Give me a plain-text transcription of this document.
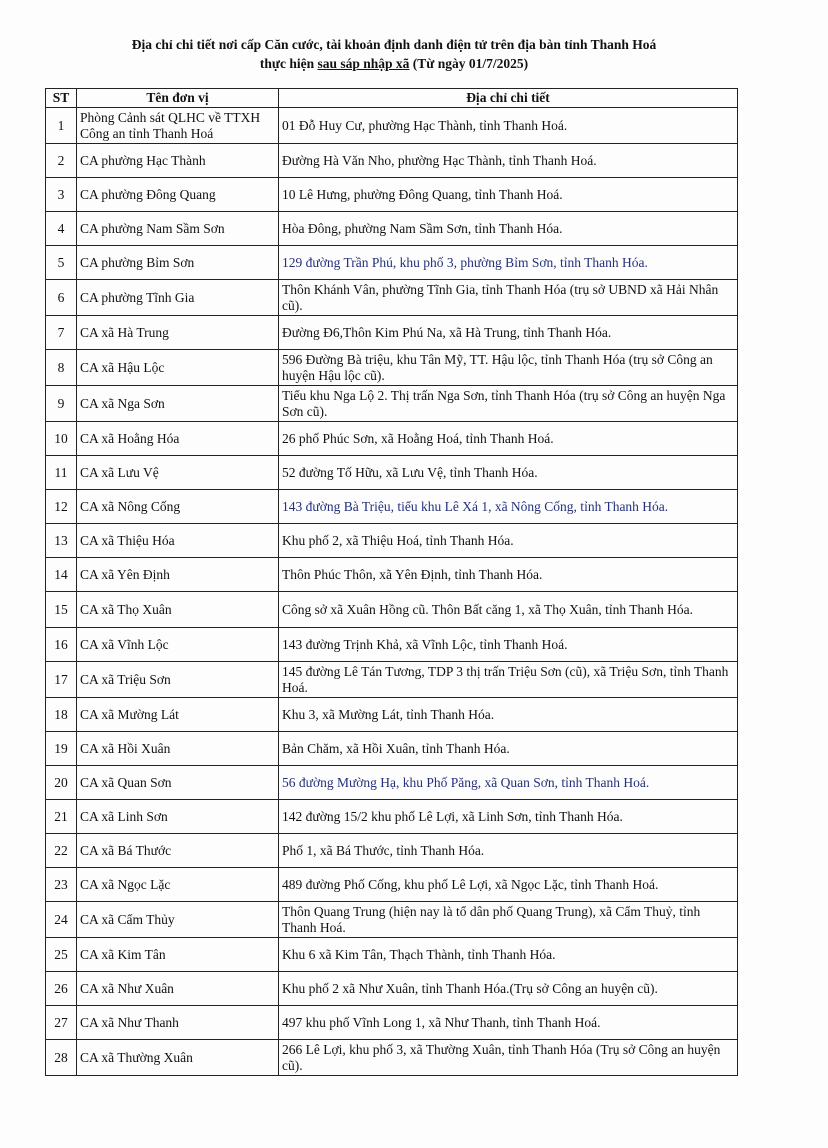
Địa chỉ chi tiết nơi cấp Căn cước, tài khoản định danh điện tử trên địa bàn tỉnh Thanh Hoá
thực hiện sau sáp nhập xã (Từ ngày 01/7/2025)
ST	Tên đơn vị	Địa chỉ chi tiết
1	Phòng Cảnh sát QLHC về TTXH Công an tỉnh Thanh Hoá	01 Đỗ Huy Cư, phường Hạc Thành, tỉnh Thanh Hoá.
2	CA phường Hạc Thành	Đường Hà Văn Nho, phường Hạc Thành, tỉnh Thanh Hoá.
3	CA phường Đông Quang	10 Lê Hưng, phường Đông Quang, tỉnh Thanh Hoá.
4	CA phường Nam Sầm Sơn	Hòa Đông, phường Nam Sầm Sơn, tỉnh Thanh Hóa.
5	CA phường Bỉm Sơn	129 đường Trần Phú, khu phố 3, phường Bỉm Sơn, tỉnh Thanh Hóa.
6	CA phường Tĩnh Gia	Thôn Khánh Vân, phường Tĩnh Gia, tỉnh Thanh Hóa (trụ sở UBND xã Hải Nhân cũ).
7	CA xã Hà Trung	Đường Đ6,Thôn Kim Phú Na, xã Hà Trung, tỉnh Thanh Hóa.
8	CA xã Hậu Lộc	596 Đường Bà triệu, khu Tân Mỹ, TT. Hậu lộc, tỉnh Thanh Hóa (trụ sở Công an huyện Hậu lộc cũ).
9	CA xã Nga Sơn	Tiểu khu Nga Lộ 2. Thị trấn Nga Sơn, tỉnh Thanh Hóa (trụ sở Công an huyện Nga Sơn cũ).
10	CA xã Hoằng Hóa	26 phố Phúc Sơn, xã Hoằng Hoá, tỉnh Thanh Hoá.
11	CA xã Lưu Vệ	52 đường Tố Hữu, xã Lưu Vệ, tỉnh Thanh Hóa.
12	CA xã Nông Cống	143 đường Bà Triệu, tiểu khu Lê Xá 1, xã Nông Cống, tỉnh Thanh Hóa.
13	CA xã Thiệu Hóa	Khu phố 2, xã Thiệu Hoá, tỉnh Thanh Hóa.
14	CA xã Yên Định	Thôn Phúc Thôn, xã Yên Định, tỉnh Thanh Hóa.
15	CA xã Thọ Xuân	Công sở xã Xuân Hồng cũ. Thôn Bất căng 1, xã Thọ Xuân, tỉnh Thanh Hóa.
16	CA xã Vĩnh Lộc	143 đường Trịnh Khả, xã Vĩnh Lộc, tỉnh Thanh Hoá.
17	CA xã Triệu Sơn	145 đường Lê Tán Tương, TDP 3 thị trấn Triệu Sơn (cũ), xã Triệu Sơn, tỉnh Thanh Hoá.
18	CA xã Mường Lát	Khu 3, xã Mường Lát, tỉnh Thanh Hóa.
19	CA xã Hồi Xuân	Bản Chăm, xã Hồi Xuân, tỉnh Thanh Hóa.
20	CA xã Quan Sơn	56 đường Mường Hạ, khu Phố Păng, xã Quan Sơn, tỉnh Thanh Hoá.
21	CA xã Linh Sơn	142 đường 15/2 khu phố Lê Lợi, xã Linh Sơn, tỉnh Thanh Hóa.
22	CA xã Bá Thước	Phố 1, xã Bá Thước, tỉnh Thanh Hóa.
23	CA xã Ngọc Lặc	489 đường Phố Cống, khu phố Lê Lợi, xã Ngọc Lặc, tỉnh Thanh Hoá.
24	CA xã Cẩm Thủy	Thôn Quang Trung (hiện nay là tổ dân phố Quang Trung), xã Cẩm Thuỷ, tỉnh Thanh Hoá.
25	CA xã Kim Tân	Khu 6 xã Kim Tân, Thạch Thành, tỉnh Thanh Hóa.
26	CA xã Như Xuân	Khu phố 2 xã Như Xuân, tỉnh Thanh Hóa.(Trụ sở Công an huyện cũ).
27	CA xã Như Thanh	497 khu phố Vĩnh Long 1, xã Như Thanh, tỉnh Thanh Hoá.
28	CA xã Thường Xuân	266 Lê Lợi, khu phố 3, xã Thường Xuân, tỉnh Thanh Hóa (Trụ sở Công an huyện cũ).
